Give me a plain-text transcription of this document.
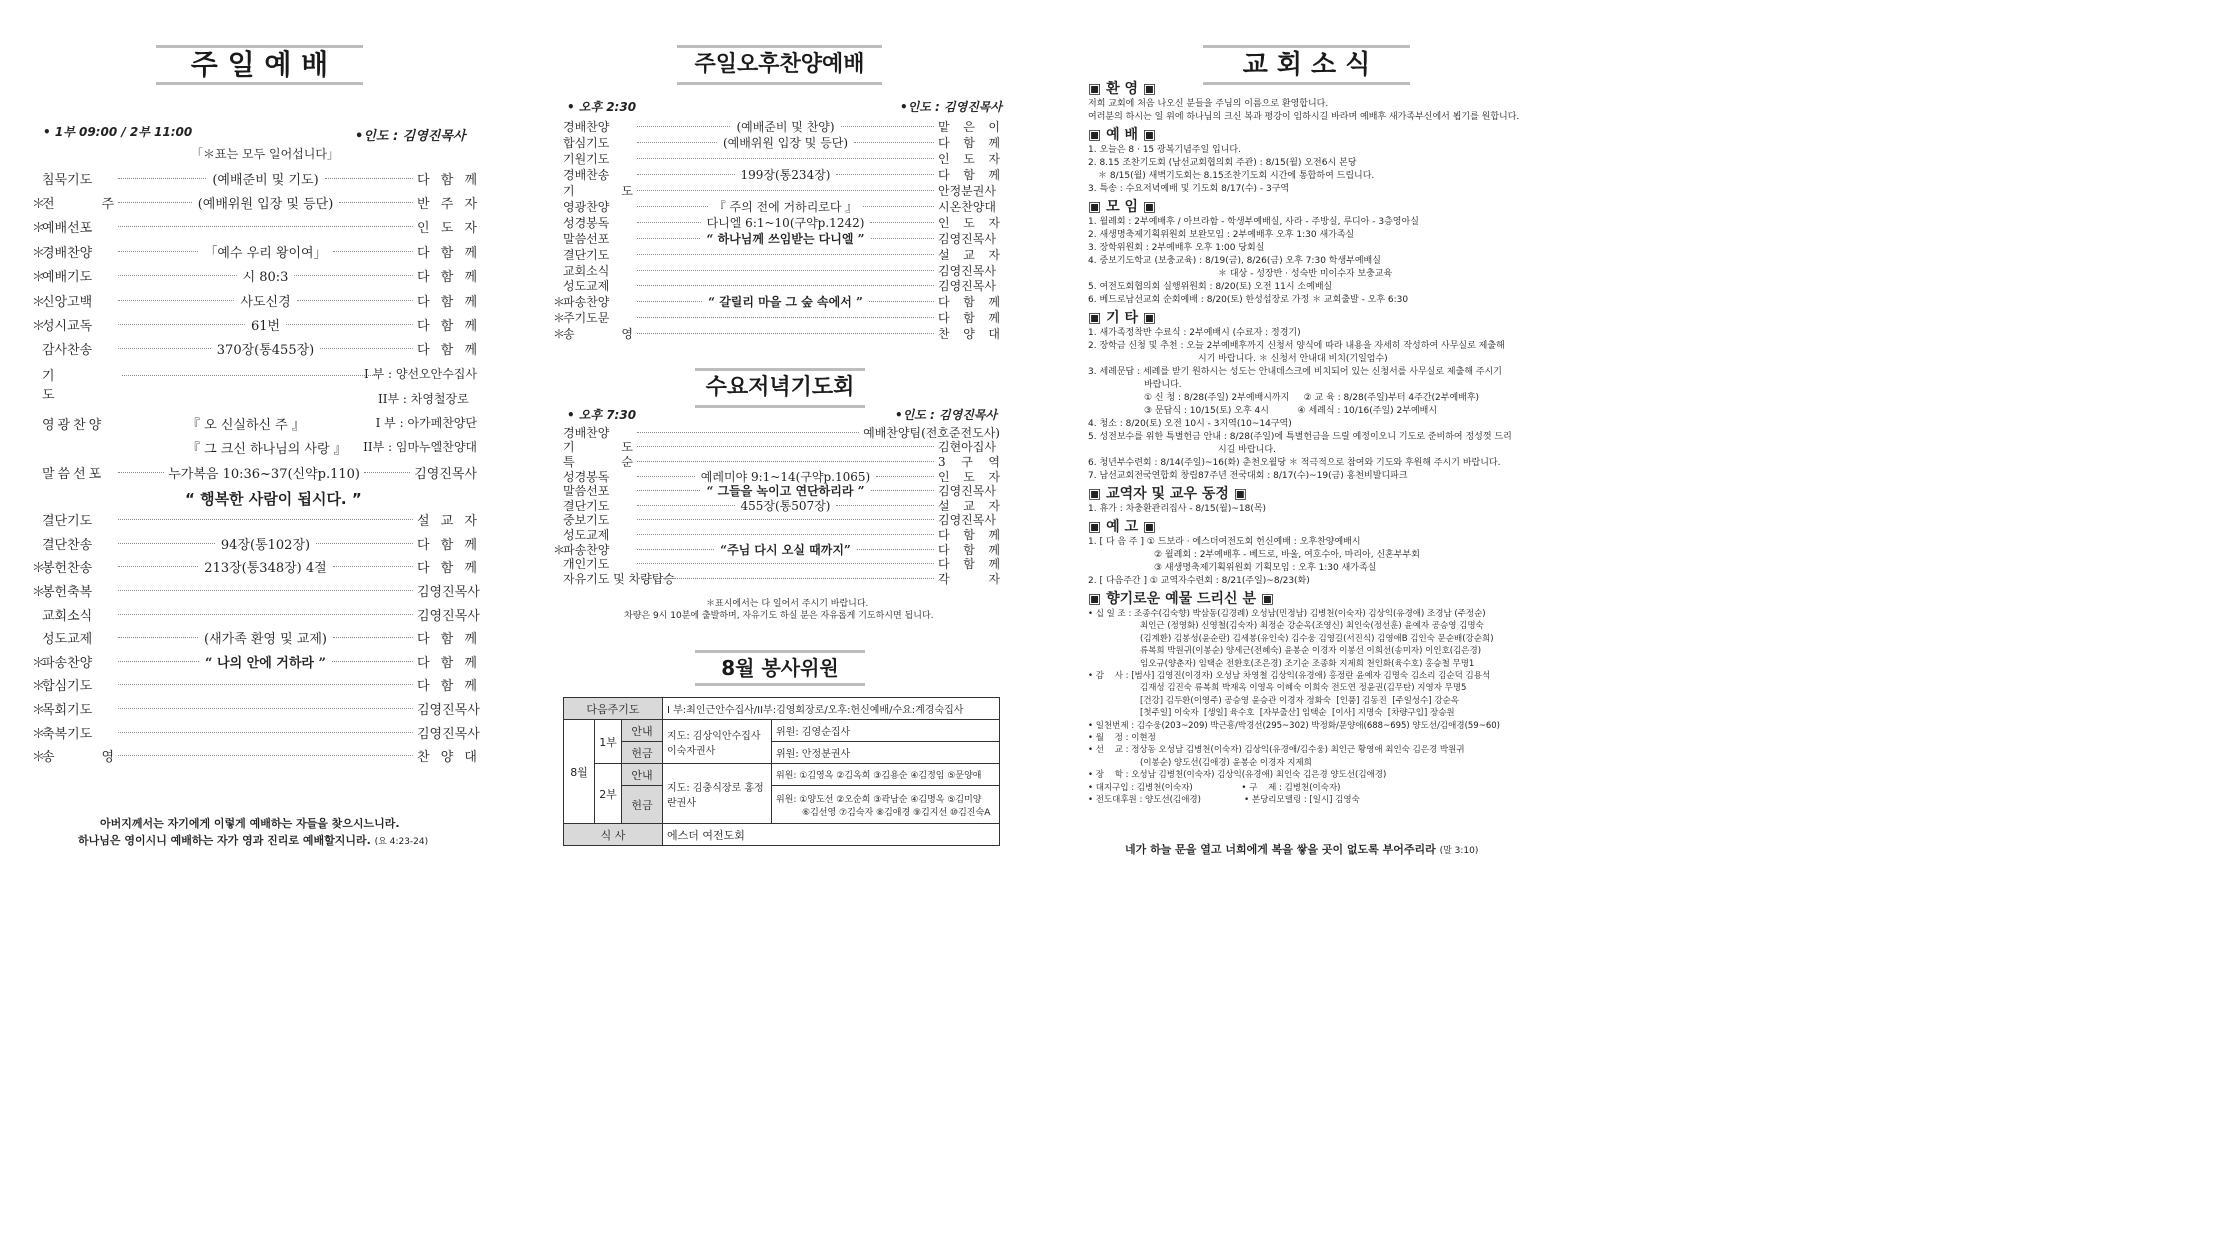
주 일 예 배
• 1부 09:00 / 2부 11:00	•인도 : 김영진목사
「＊표는 모두 일어섭니다」
침묵기도	(예배준비 및 기도)	다 함 께
＊
전 주	(예배위원 입장 및 등단)	반 주 자
＊
예배선포	인 도 자
＊
경배찬양	「예수 우리 왕이여」	다 함 께
＊
예배기도	시 80:3	다 함 께
＊
신앙고백	사도신경	다 함 께
＊
성시교독	61번	다 함 께
감사찬송	370장(통455장)	다 함 께
기 도
I 부 : 양선오안수집사
II부 : 차영철장로
영광찬양	『 오 신실하신 주 』	I 부 : 아가페찬양단
『 그 크신 하나님의 사랑 』 II부 : 임마누엘찬양대
말씀선포	누가복음 10:36~37(신약p.110)	김영진목사
“ 행복한 사람이 됩시다. ”
결단기도	설 교 자
결단찬송	94장(통102장)	다 함 께
＊
봉헌찬송	213장(통348장) 4절	다 함 께
＊
봉헌축복	김영진목사
교회소식	김영진목사
성도교제	(새가족 환영 및 교제)	다 함 께
＊
파송찬양	“ 나의 안에 거하라 ”	다 함 께
＊
합심기도	다 함 께
＊
목회기도	김영진목사
＊
축복기도	김영진목사
＊
송 영	찬 양 대
아버지께서는 자기에게 이렇게 예배하는 자들을 찾으시느니라.
하나님은 영이시니 예배하는 자가 영과 진리로 예배할지니라. (요 4:23-24)
주일오후찬양예배
• 오후 2:30	•인도 : 김영진목사
경배찬양	(예배준비 및 찬양)	맡 은 이
합심기도	(예배위원 입장 및 등단)	다 함 께
기원기도	인 도 자
경배찬송	199장(통234장)	다 함 께
기 도	안정분권사
영광찬양	『 주의 전에 거하리로다 』	시온찬양대
성경봉독	다니엘 6:1~10(구약p.1242)	인 도 자
말씀선포	“ 하나님께 쓰임받는 다니엘 ”	김영진목사
결단기도	설 교 자
교회소식	김영진목사
성도교제	김영진목사
＊
파송찬양	“ 갈릴리 마을 그 숲 속에서 ”	다 함 께
＊
주기도문	다 함 께
＊
송 영	찬 양 대
수요저녁기도회
• 오후 7:30	•인도 : 김영진목사
경배찬양	예배찬양팀(전호준전도사)
기 도	김현아집사
특 순	3 구 역
성경봉독	예레미야 9:1~14(구약p.1065)	인 도 자
말씀선포	“ 그들을 녹이고 연단하리라 ”	김영진목사
결단기도	455장(통507장)	설 교 자
중보기도	김영진목사
성도교제	다 함 께
＊
파송찬양	“주님 다시 오실 때까지”	다 함 께
개인기도	다 함 께
자유기도 및 차량탑승	각 자
＊표시에서는 다 일어서 주시기 바랍니다.
차량은 9시 10분에 출발하며, 자유기도 하실 분은 자유롭게 기도하시면 됩니다.
8월 봉사위원
다음주기도			I 부:최인근안수집사/II부:김영회장로/오후:헌신예배/수요:계경숙집사	
8월	1부	안내	지도: 김상익안수집사 이숙자권사	위원: 김영순집사
		헌금		위원: 안정분권사
	2부	안내	지도: 김충식장로 홍정란권사	위원: ①김영옥 ②김옥희 ③김용순 ④김정임 ⑤문양애
		헌금		위원: ①양도선 ②오순희 ③곽남순 ④김명옥 ⑤김미양
⑥김선영 ⑦김숙자 ⑧김애경 ⑨김지선 ⑩김진숙A

식 사			에스더 여전도회	
교 회 소 식
▣ 환 영 ▣
저희 교회에 처음 나오신 분들을 주님의 이름으로 환영합니다.
여러분의 하시는 일 위에 하나님의 크신 복과 평강이 임하시길 바라며 예배후 새가족부신에서 뵙기를 원합니다.
▣ 예 배 ▣
1. 오늘은 8 · 15 광복기념주일 입니다.
2. 8.15 조찬기도회 (남선교회협의회 주관) : 8/15(월) 오전6시 본당
＊ 8/15(월) 새벽기도회는 8.15조찬기도회 시간에 통합하여 드립니다.
3. 특송 : 수요저녁예배 및 기도회 8/17(수) - 3구역
▣ 모 임 ▣
1. 월례회 : 2부예배후 / 아브라함 - 학생부예배실, 사라 - 주방실, 루디아 - 3층영아실
2. 새생명축제기획위원회 보완모임 : 2부예배후 오후 1:30 새가족실
3. 장학위원회 : 2부예배후 오후 1:00 당회실
4. 중보기도학교 (보충교육) : 8/19(금), 8/26(금) 오후 7:30 학생부예배실
＊ 대상 - 성장반 · 성숙반 미이수자 보충교육
5. 여전도회협의회 실행위원회 : 8/20(토) 오전 11시 소예배실
6. 베드로남선교회 순회예배 : 8/20(토) 한성섭장로 가정 ＊ 교회출발 - 오후 6:30
▣ 기 타 ▣
1. 새가족정착반 수료식 : 2부예배시 (수료자 : 정경기)
2. 장학금 신청 및 추천 : 오늘 2부예배후까지 신청서 양식에 따라 내용을 자세히 작성하여 사무실로 제출해
시기 바랍니다. ＊ 신청서 안내대 비치(기일엄수)
3. 세례문답 : 세례를 받기 원하시는 성도는 안내데스크에 비치되어 있는 신청서를 사무실로 제출해 주시기
바랍니다.
① 신 청 : 8/28(주일) 2부예배시까지     ② 교 육 : 8/28(주일)부터 4주간(2부예배후)
③ 문답식 : 10/15(토) 오후 4시          ④ 세례식 : 10/16(주일) 2부예배시
4. 청소 : 8/20(토) 오전 10시 - 3지역(10~14구역)
5. 성전보수를 위한 특별헌금 안내 : 8/28(주일)에 특별헌금을 드릴 예정이오니 기도로 준비하여 정성껏 드리
시길 바랍니다.
6. 청년부수련회 : 8/14(주일)~16(화) 춘천오월당 ＊ 적극적으로 참여와 기도와 후원해 주시기 바랍니다.
7. 남선교회전국연합회 창립87주년 전국대회 : 8/17(수)~19(금) 홍천비발디파크
▣ 교역자 및 교우 동정 ▣
1. 휴가 : 차충환관리집사 - 8/15(월)~18(목)
▣ 예 고 ▣
1. [ 다 음 주 ] ① 드보라 · 에스더여전도회 헌신예배 : 오후찬양예배시
② 월례회 : 2부예배후 - 베드로, 바울, 여호수아, 마리아, 신혼부부회
③ 새생명축제기획위원회 기획모임 : 오후 1:30 새가족실
2. [ 다음주간 ] ① 교역자수련회 : 8/21(주일)~8/23(화)
▣ 향기로운 예물 드리신 분 ▣
• 십 일 조 : 조종수(김숙향) 박삼동(김경례) 오성남(민정남) 김병천(이숙자) 김상익(유경애) 조경남 (주정순)
최인근 (정영화) 신영철(김숙자) 최정순 강순옥(조영신) 최인숙(정선훈) 윤예자 공승영 김명숙
(김계환) 김봉성(윤순란) 김세봉(유인숙) 김수웅 김영길(서진식) 김영애B 김인숙 문순배(강순희)
류복희 박원귀(이봉순) 양세근(전혜숙) 윤봉순 이경자 이봉선 이희선(송미자) 이인호(김은경)
임오규(양춘자) 임택순 전환호(조은경) 조기순 조종화 지제희 천인화(육수호) 홍승철 무명1
• 감    사 : [범사] 김영진(이경자) 오성남 차영철 김상익(유경애) 홍정란 윤예자 김명숙 김소리 김순덕 김용석
김재성 김진숙 류복희 박재옥 이영옥 이혜숙 이희숙 전도연 정윤권(김무탄) 지영자 무명5
[건강] 김두환(이영주) 공승영 윤승관 이경자 정화숙  [인품] 김동진  [주일성수] 강순옥
[첫주일] 이숙자  [생일] 육수호  [자부출산] 임택순  [이사] 지명숙  [차량구입] 장승원
• 일천번제 : 김수웅(203~209) 박근흥/박경선(295~302) 박정화/문양애(688~695) 양도선/김애경(59~60)
• 월    정 : 이현정
• 선    교 : 정상동 오성남 김병천(이숙자) 김상익(유경애/김수웅) 최인근 황영애 최인숙 김은경 박원귀
(이봉순) 양도선(김애경) 윤봉순 이경자 지제희
• 장    학 : 오성남 김병천(이숙자) 김상익(유경애) 최인숙 김은경 양도선(김애경)
• 대지구입 : 김병천(이숙자)                  • 구    제 : 김병천(이숙자)
• 전도대후원 : 양도선(김애경)                • 본당리모델링 : [일시] 김영숙
네가 하늘 문을 열고 너희에게 복을 쌓을 곳이 없도록 부어주리라 (말 3:10)
